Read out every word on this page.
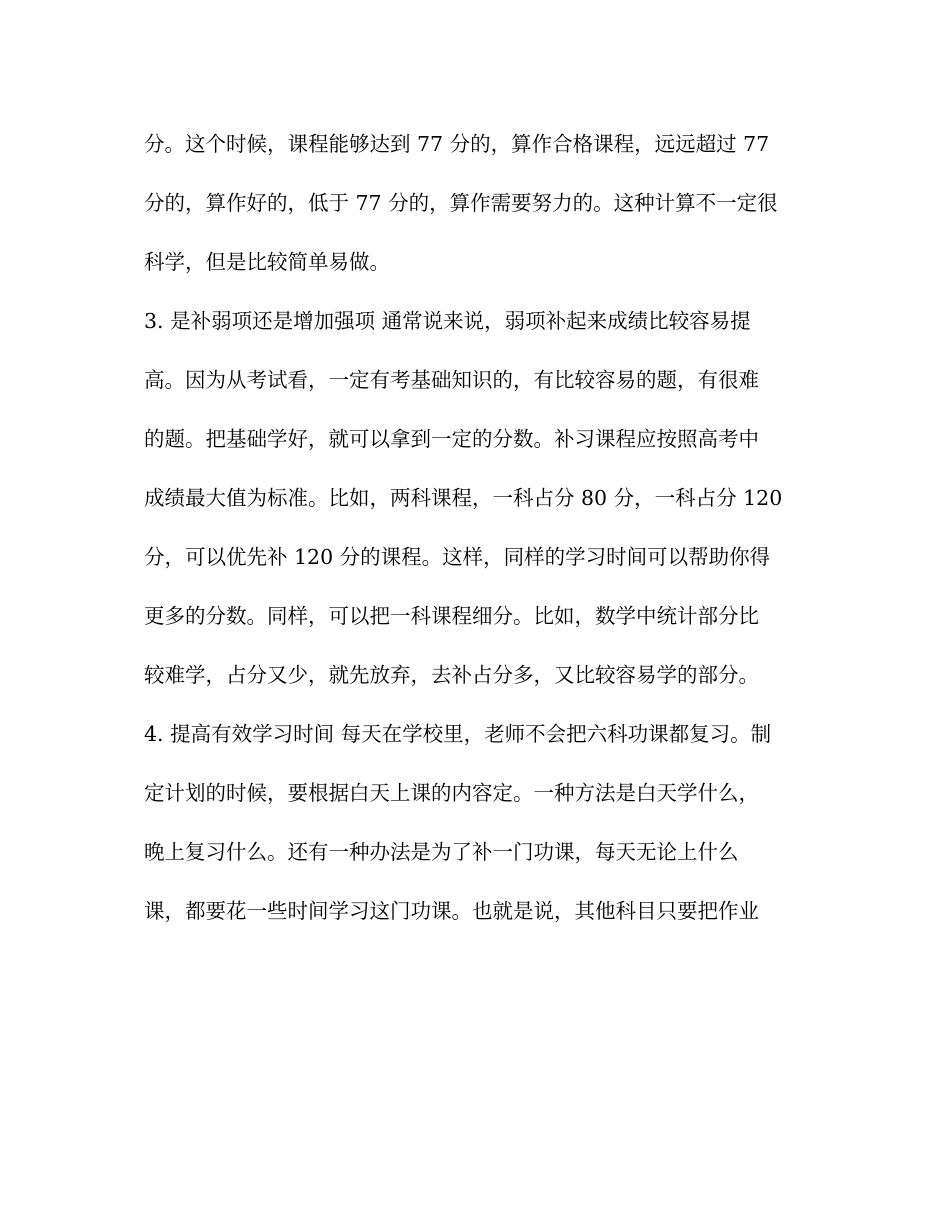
分。这个时候，课程能够达到 77 分的，算作合格课程，远远超过 77
分的，算作好的，低于 77 分的，算作需要努力的。这种计算不一定很
科学，但是比较简单易做。
3. 是补弱项还是增加强项 通常说来说，弱项补起来成绩比较容易提
高。因为从考试看，一定有考基础知识的，有比较容易的题，有很难
的题。把基础学好，就可以拿到一定的分数。补习课程应按照高考中
成绩最大值为标准。比如，两科课程，一科占分 80 分，一科占分 120
分，可以优先补 120 分的课程。这样，同样的学习时间可以帮助你得
更多的分数。同样，可以把一科课程细分。比如，数学中统计部分比
较难学，占分又少，就先放弃，去补占分多，又比较容易学的部分。
4. 提高有效学习时间 每天在学校里，老师不会把六科功课都复习。制
定计划的时候，要根据白天上课的内容定。一种方法是白天学什么，
晚上复习什么。还有一种办法是为了补一门功课，每天无论上什么
课，都要花一些时间学习这门功课。也就是说，其他科目只要把作业
